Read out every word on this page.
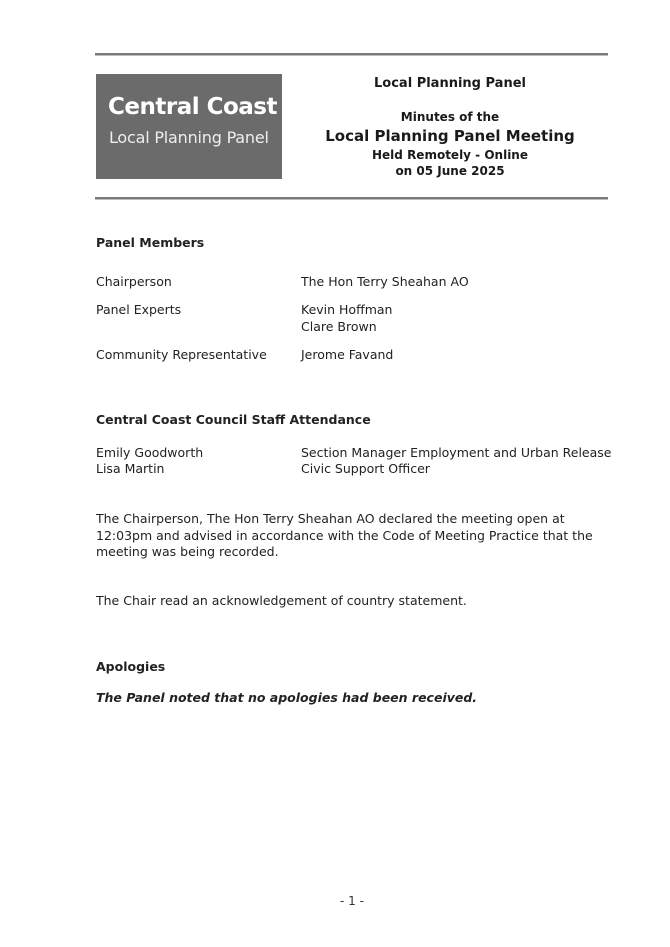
Central Coast
Local Planning Panel
Local Planning Panel
Minutes of the
Local Planning Panel Meeting
Held Remotely - Online
on 05 June 2025
Panel Members
Chairperson	The Hon Terry Sheahan AO
Panel Experts	Kevin Hoffman
Clare Brown
Community Representative	Jerome Favand
Central Coast Council Staff Attendance
Emily Goodworth	Section Manager Employment and Urban Release
Lisa Martin	Civic Support Officer
The Chairperson, The Hon Terry Sheahan AO declared the meeting open at 12:03pm and advised in accordance with the Code of Meeting Practice that the meeting was being recorded.
The Chair read an acknowledgement of country statement.
Apologies
The Panel noted that no apologies had been received.
- 1 -
